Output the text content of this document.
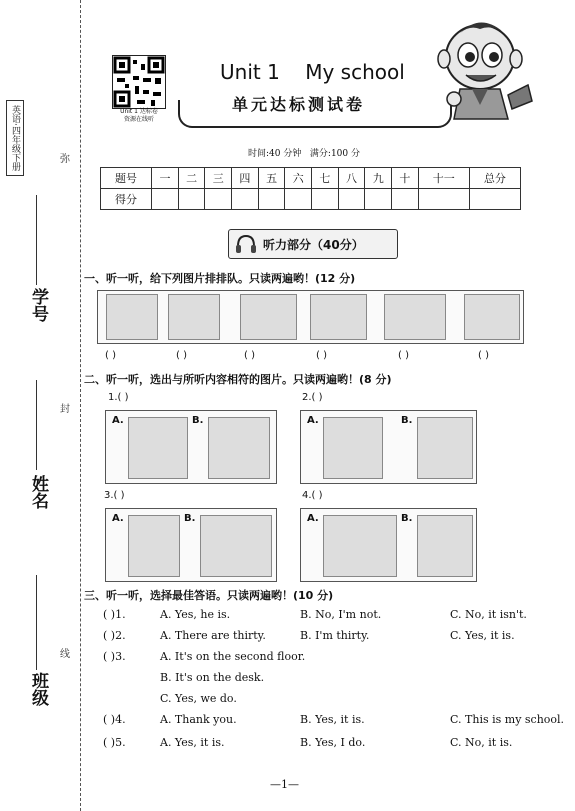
英语·四年级下册	弥
封
线
学号
姓名
班级
Unit 1 达标卷
资源在线听
Unit 1    My school
单元达标测试卷
时间:40 分钟   满分:100 分
题号	一	二	三	四	五	六	七	八	九	十	十一	总分
得分												
听力部分（40分）
一、听一听，给下列图片排排队。只读两遍哟！(12 分)
( )	( )	( )	( )	( )	( )
二、听一听，选出与所听内容相符的图片。只读两遍哟！(8 分)
1.( )
A.	B.
2.( )
A.	B.
3.( )
A.	B.
4.( )
A.	B.
三、听一听，选择最佳答语。只读两遍哟！(10 分)
( )1.	A. Yes, he is.	B. No, I'm not.	C. No, it isn't.
( )2.	A. There are thirty.	B. I'm thirty.	C. Yes, it is.
( )3.	A. It's on the second floor.
B. It's on the desk.
C. Yes, we do.
( )4.	A. Thank you.	B. Yes, it is.	C. This is my school.
( )5.	A. Yes, it is.	B. Yes, I do.	C. No, it is.
—1—
